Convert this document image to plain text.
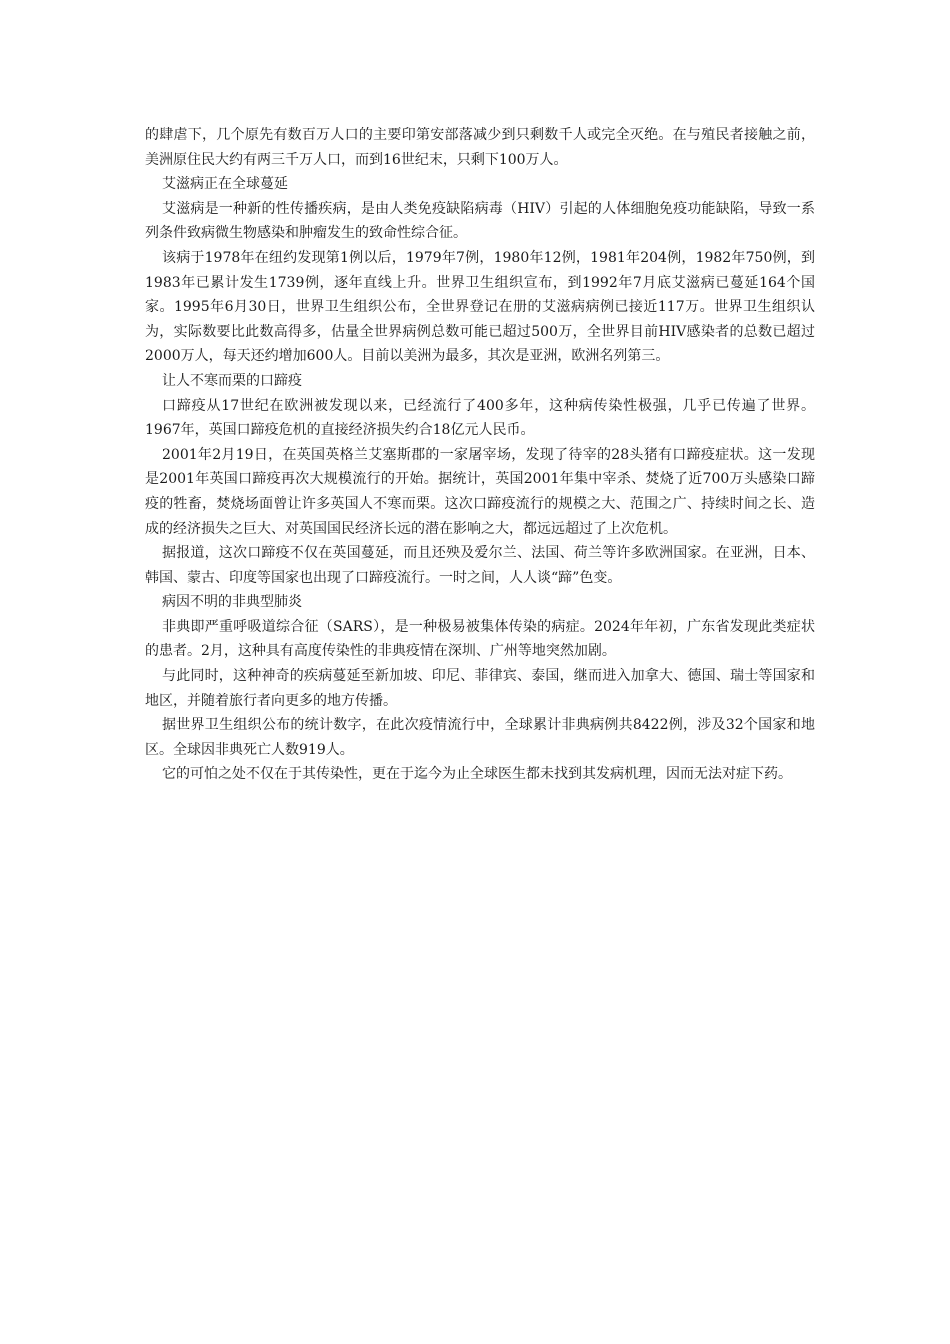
的肆虐下，几个原先有数百万人口的主要印第安部落减少到只剩数千人或完全灭绝。在与殖民者接触之前，美洲原住民大约有两三千万人口，而到16世纪末，只剩下100万人。

艾滋病正在全球蔓延

艾滋病是一种新的性传播疾病，是由人类免疫缺陷病毒（HIV）引起的人体细胞免疫功能缺陷，导致一系列条件致病微生物感染和肿瘤发生的致命性综合征。

该病于1978年在纽约发现第1例以后，1979年7例，1980年12例，1981年204例，1982年750例，到1983年已累计发生1739例，逐年直线上升。世界卫生组织宣布，到1992年7月底艾滋病已蔓延164个国家。1995年6月30日，世界卫生组织公布，全世界登记在册的艾滋病病例已接近117万。世界卫生组织认为，实际数要比此数高得多，估量全世界病例总数可能已超过500万，全世界目前HIV感染者的总数已超过2000万人，每天还约增加600人。目前以美洲为最多，其次是亚洲，欧洲名列第三。

让人不寒而栗的口蹄疫

口蹄疫从17世纪在欧洲被发现以来，已经流行了400多年，这种病传染性极强，几乎已传遍了世界。1967年，英国口蹄疫危机的直接经济损失约合18亿元人民币。

2001年2月19日，在英国英格兰艾塞斯郡的一家屠宰场，发现了待宰的28头猪有口蹄疫症状。这一发现是2001年英国口蹄疫再次大规模流行的开始。据统计，英国2001年集中宰杀、焚烧了近700万头感染口蹄疫的牲畜，焚烧场面曾让许多英国人不寒而栗。这次口蹄疫流行的规模之大、范围之广、持续时间之长、造成的经济损失之巨大、对英国国民经济长远的潜在影响之大，都远远超过了上次危机。

据报道，这次口蹄疫不仅在英国蔓延，而且还殃及爱尔兰、法国、荷兰等许多欧洲国家。在亚洲，日本、韩国、蒙古、印度等国家也出现了口蹄疫流行。一时之间，人人谈“蹄”色变。

病因不明的非典型肺炎

非典即严重呼吸道综合征（SARS），是一种极易被集体传染的病症。2024年年初，广东省发现此类症状的患者。2月，这种具有高度传染性的非典疫情在深圳、广州等地突然加剧。

与此同时，这种神奇的疾病蔓延至新加坡、印尼、菲律宾、泰国，继而进入加拿大、德国、瑞士等国家和地区，并随着旅行者向更多的地方传播。

据世界卫生组织公布的统计数字，在此次疫情流行中，全球累计非典病例共8422例，涉及32个国家和地区。全球因非典死亡人数919人。

它的可怕之处不仅在于其传染性，更在于迄今为止全球医生都未找到其发病机理，因而无法对症下药。
